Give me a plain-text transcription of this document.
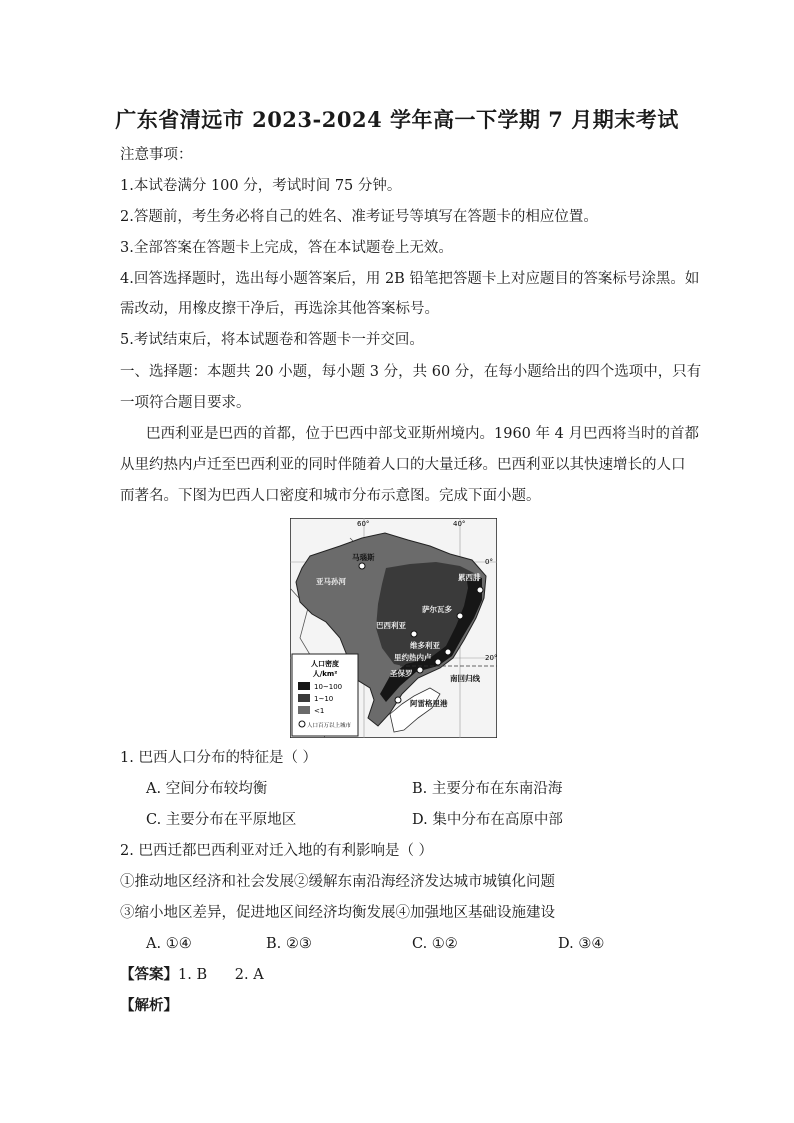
广东省清远市 2023-2024 学年高一下学期 7 月期末考试
注意事项：
1.本试卷满分 100 分，考试时间 75 分钟。
2.答题前，考生务必将自己的姓名、准考证号等填写在答题卡的相应位置。
3.全部答案在答题卡上完成，答在本试题卷上无效。
4.回答选择题时，选出每小题答案后，用 2B 铅笔把答题卡上对应题目的答案标号涂黑。如
需改动，用橡皮擦干净后，再选涂其他答案标号。
5.考试结束后，将本试题卷和答题卡一并交回。
一、选择题：本题共 20 小题，每小题 3 分，共 60 分，在每小题给出的四个选项中，只有
一项符合题目要求。
巴西利亚是巴西的首都，位于巴西中部戈亚斯州境内。1960 年 4 月巴西将当时的首都
从里约热内卢迁至巴西利亚的同时伴随着人口的大量迁移。巴西利亚以其快速增长的人口
而著名。下图为巴西人口密度和城市分布示意图。完成下面小题。
人口密度
人/km²
10~100
1~10
<1
人口百万以上城市
60°	40°
0°
20°
马瑙斯
亚马孙河	累西腓
萨尔瓦多
巴西利亚
维多利亚
里约热内卢
圣保罗
南回归线
阿雷格里港
1. 巴西人口分布的特征是（ ）
A. 空间分布较均衡	B. 主要分布在东南沿海
C. 主要分布在平原地区	D. 集中分布在高原中部
2. 巴西迁都巴西利亚对迁入地的有利影响是（ ）
①推动地区经济和社会发展②缓解东南沿海经济发达城市城镇化问题
③缩小地区差异，促进地区间经济均衡发展④加强地区基础设施建设
A. ①④	B. ②③	C. ①②	D. ③④
【答案】1. B      2. A
【解析】
